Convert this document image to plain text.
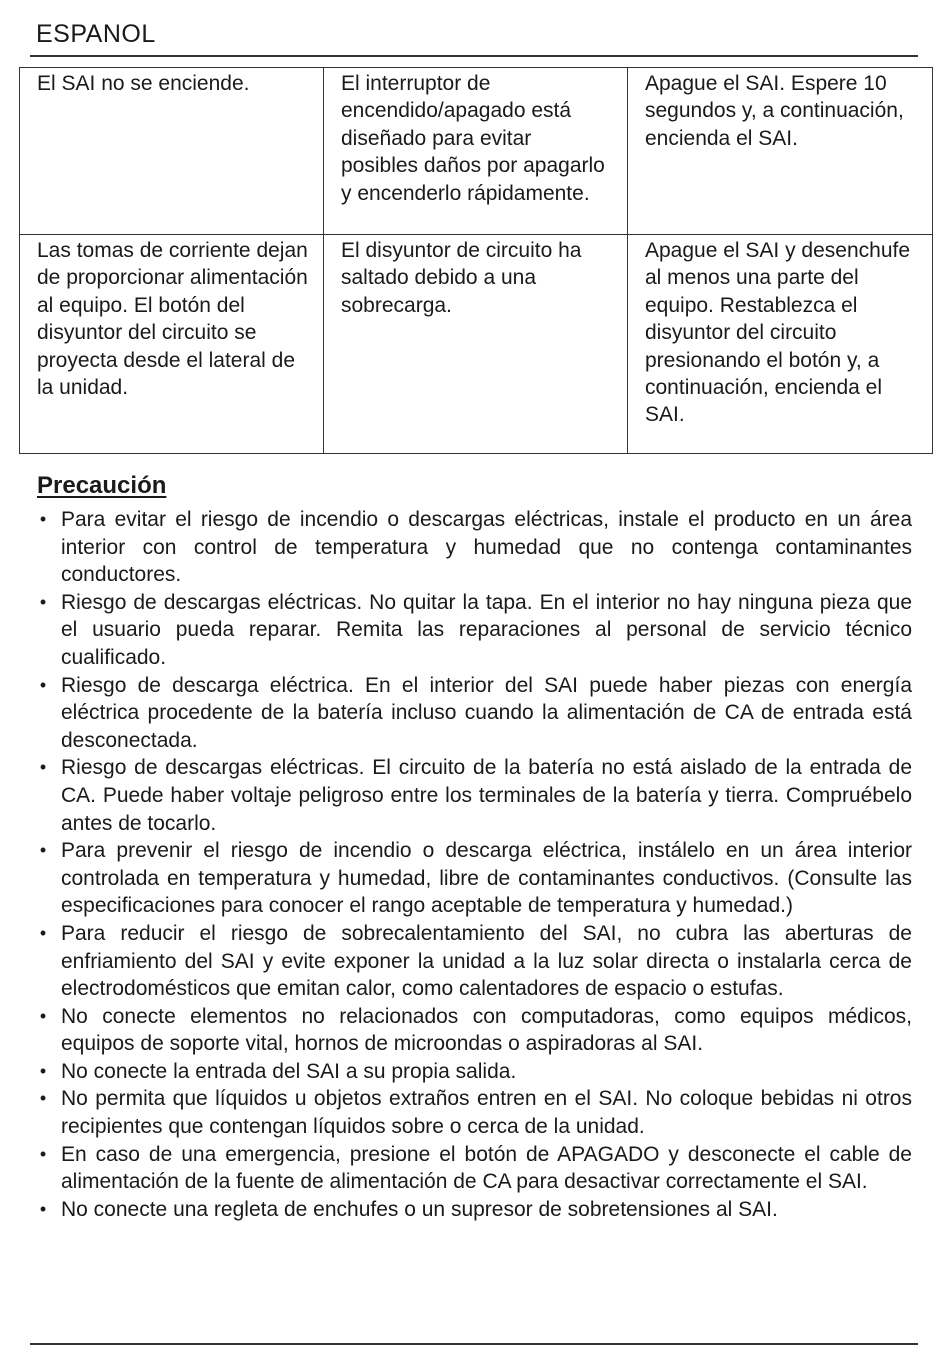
ESPANOL
El SAI no se enciende.	El interruptor de encendido/apagado está diseñado para evitar posibles daños por apagarlo y encenderlo rápidamente.	Apague el SAI. Espere 10 segundos y, a continuación, encienda el SAI.
Las tomas de corriente dejan de proporcionar alimentación al equipo. El botón del disyuntor del circuito se proyecta desde el lateral de la unidad.	El disyuntor de circuito ha saltado debido a una sobrecarga.	Apague el SAI y desenchufe al menos una parte del equipo. Restablezca el disyuntor del circuito presionando el botón y, a continuación, encienda el SAI.
Precaución
• Para evitar el riesgo de incendio o descargas eléctricas, instale el producto en un área interior con control de temperatura y humedad que no contenga contaminantes conductores.
• Riesgo de descargas eléctricas. No quitar la tapa. En el interior no hay ninguna pieza que el usuario pueda reparar. Remita las reparaciones al personal de servicio técnico cualificado.
• Riesgo de descarga eléctrica. En el interior del SAI puede haber piezas con energía eléctrica procedente de la batería incluso cuando la alimentación de CA de entrada está desconectada.
• Riesgo de descargas eléctricas. El circuito de la batería no está aislado de la entrada de CA. Puede haber voltaje peligroso entre los terminales de la batería y tierra. Compruébelo antes de tocarlo.
• Para prevenir el riesgo de incendio o descarga eléctrica, instálelo en un área interior controlada en temperatura y humedad, libre de contaminantes conductivos. (Consulte las especificaciones para conocer el rango aceptable de temperatura y humedad.)
• Para reducir el riesgo de sobrecalentamiento del SAI, no cubra las aberturas de enfriamiento del SAI y evite exponer la unidad a la luz solar directa o instalarla cerca de electrodomésticos que emitan calor, como calentadores de espacio o estufas.
• No conecte elementos no relacionados con computadoras, como equipos médicos, equipos de soporte vital, hornos de microondas o aspiradoras al SAI.
• No conecte la entrada del SAI a su propia salida.
• No permita que líquidos u objetos extraños entren en el SAI. No coloque bebidas ni otros recipientes que contengan líquidos sobre o cerca de la unidad.
• En caso de una emergencia, presione el botón de APAGADO y desconecte el cable de alimentación de la fuente de alimentación de CA para desactivar correctamente el SAI.
• No conecte una regleta de enchufes o un supresor de sobretensiones al SAI.
